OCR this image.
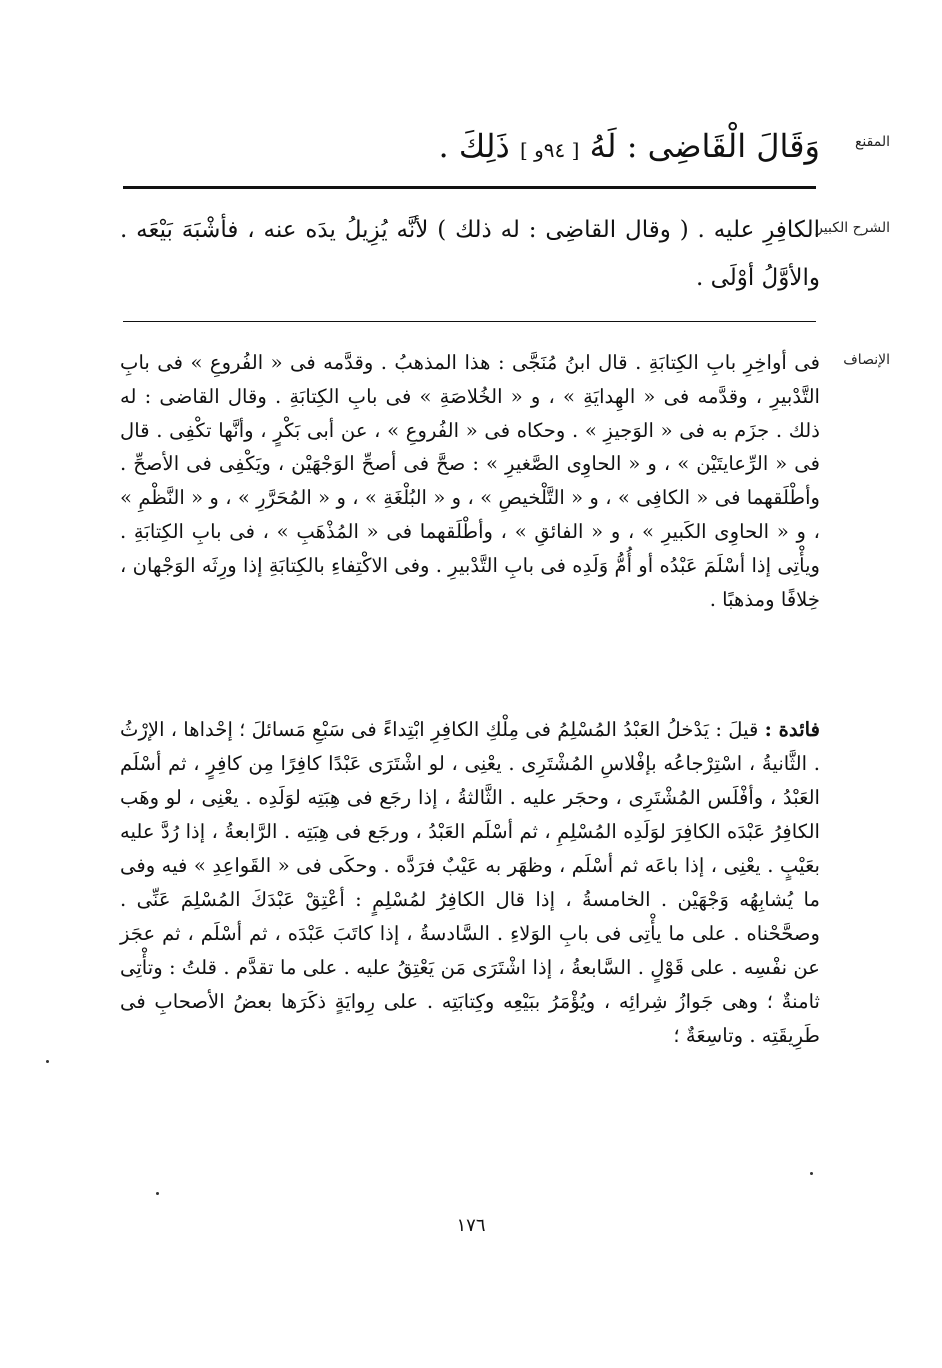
المقنع
وَقَالَ الْقَاضِى : لَهُ [ ٩٤و ] ذَلِكَ .
الشرح الكبير
الكافِرِ عليه . ( وقال القاضِى : له ذلك ) لأنَّه يُزِيلُ يدَه عنه ، فأشْبَهَ بَيْعَه . والأوَّلُ أوْلَى .
الإنصاف
فى أواخِرِ بابِ الكِتابَةِ . قال ابنُ مُنَجَّى : هذا المذهبُ . وقدَّمه فى « الفُروعِ » فى بابِ التَّدْبيرِ ، وقدَّمه فى « الهِدايَةِ » ، و « الخُلاصَةِ » فى بابِ الكِتابَةِ . وقال القاضى : له ذلك . جزَم به فى « الوَجيزِ » . وحكاه فى « الفُروعِ » ، عن أبى بَكْرٍ ، وأنَّها تكْفِى . قال فى « الرِّعايتَيْن » ، و « الحاوِى الصَّغيرِ » : صحَّ فى أصحِّ الوَجْهَيْن ، ويَكْفِى فى الأصحِّ . وأطْلَقهما فى « الكافِى » ، و « التَّلْخيصِ » ، و « البُلْغَةِ » ، و « المُحَرَّرِ » ، و « النَّظْمِ » ، و « الحاوِى الكَبيرِ » ، و « الفائقِ » ، وأطْلَقهما فى « المُذْهَبِ » ، فى بابِ الكِتابَةِ . ويأْتِى إذا أسْلَمَ عَبْدُه أو أُمُّ وَلَدِه فى بابِ التَّدْبيرِ . وفى الاكْتِفاءِ بالكِتابَةِ إذا ورِثَه الوَجْهان ، خِلافًا ومذهبًا .
فائدة : قيلَ : يَدْخلُ العَبْدُ المُسْلِمُ فى مِلْكِ الكافِرِ ابْتِداءً فى سَبْعِ مَسائلَ ؛ إحْداها ، الإرْثُ . الثَّانيةُ ، اسْتِرْجاعُه بإفْلاسِ المُشْتَرِى . يعْنِى ، لو اشْتَرَى عَبْدًا كافِرًا مِن كافِرٍ ، ثم أسْلَم العَبْدُ ، وأفْلَس المُشْتَرِى ، وحجَر عليه . الثَّالثةُ ، إذا رجَع فى هِبَتِه لوَلَدِه . يعْنِى ، لو وهَب الكافِرُ عَبْدَه الكافِرَ لوَلَدِه المُسْلِمِ ، ثم أسْلَم العَبْدُ ، ورجَع فى هِبَتِه . الرَّابعةُ ، إذا رُدَّ عليه بعَيْبٍ . يعْنِى ، إذا باعَه ثم أسْلَم ، وظهَر به عَيْبٌ فرَدَّه . وحكَى فى « القَواعِدِ » فيه وفى ما يُشابِهُه وَجْهَيْن . الخامسةُ ، إذا قال الكافِرُ لمُسْلِمٍ : أعْتِقْ عَبْدَكَ المُسْلِمَ عَنِّى . وصحَّحْناه . على ما يأْتِى فى بابِ الوَلاءِ . السَّادسةُ ، إذا كاتَبَ عَبْدَه ، ثم أسْلَم ، ثم عجَز عن نفْسِه . على قَوْلٍ . السَّابعةُ ، إذا اشْتَرَى مَن يَعْتِقُ عليه . على ما تقدَّم . قلتُ : وتأْتِى ثامنةٌ ؛ وهى جَوازُ شِرائِه ، ويُؤْمَرُ ببَيْعِه وكِتابَتِه . على رِوايَةٍ ذكَرَها بعضُ الأصحابِ فى طَرِيقَتِه . وتاسِعَةٌ ؛
١٧٦
